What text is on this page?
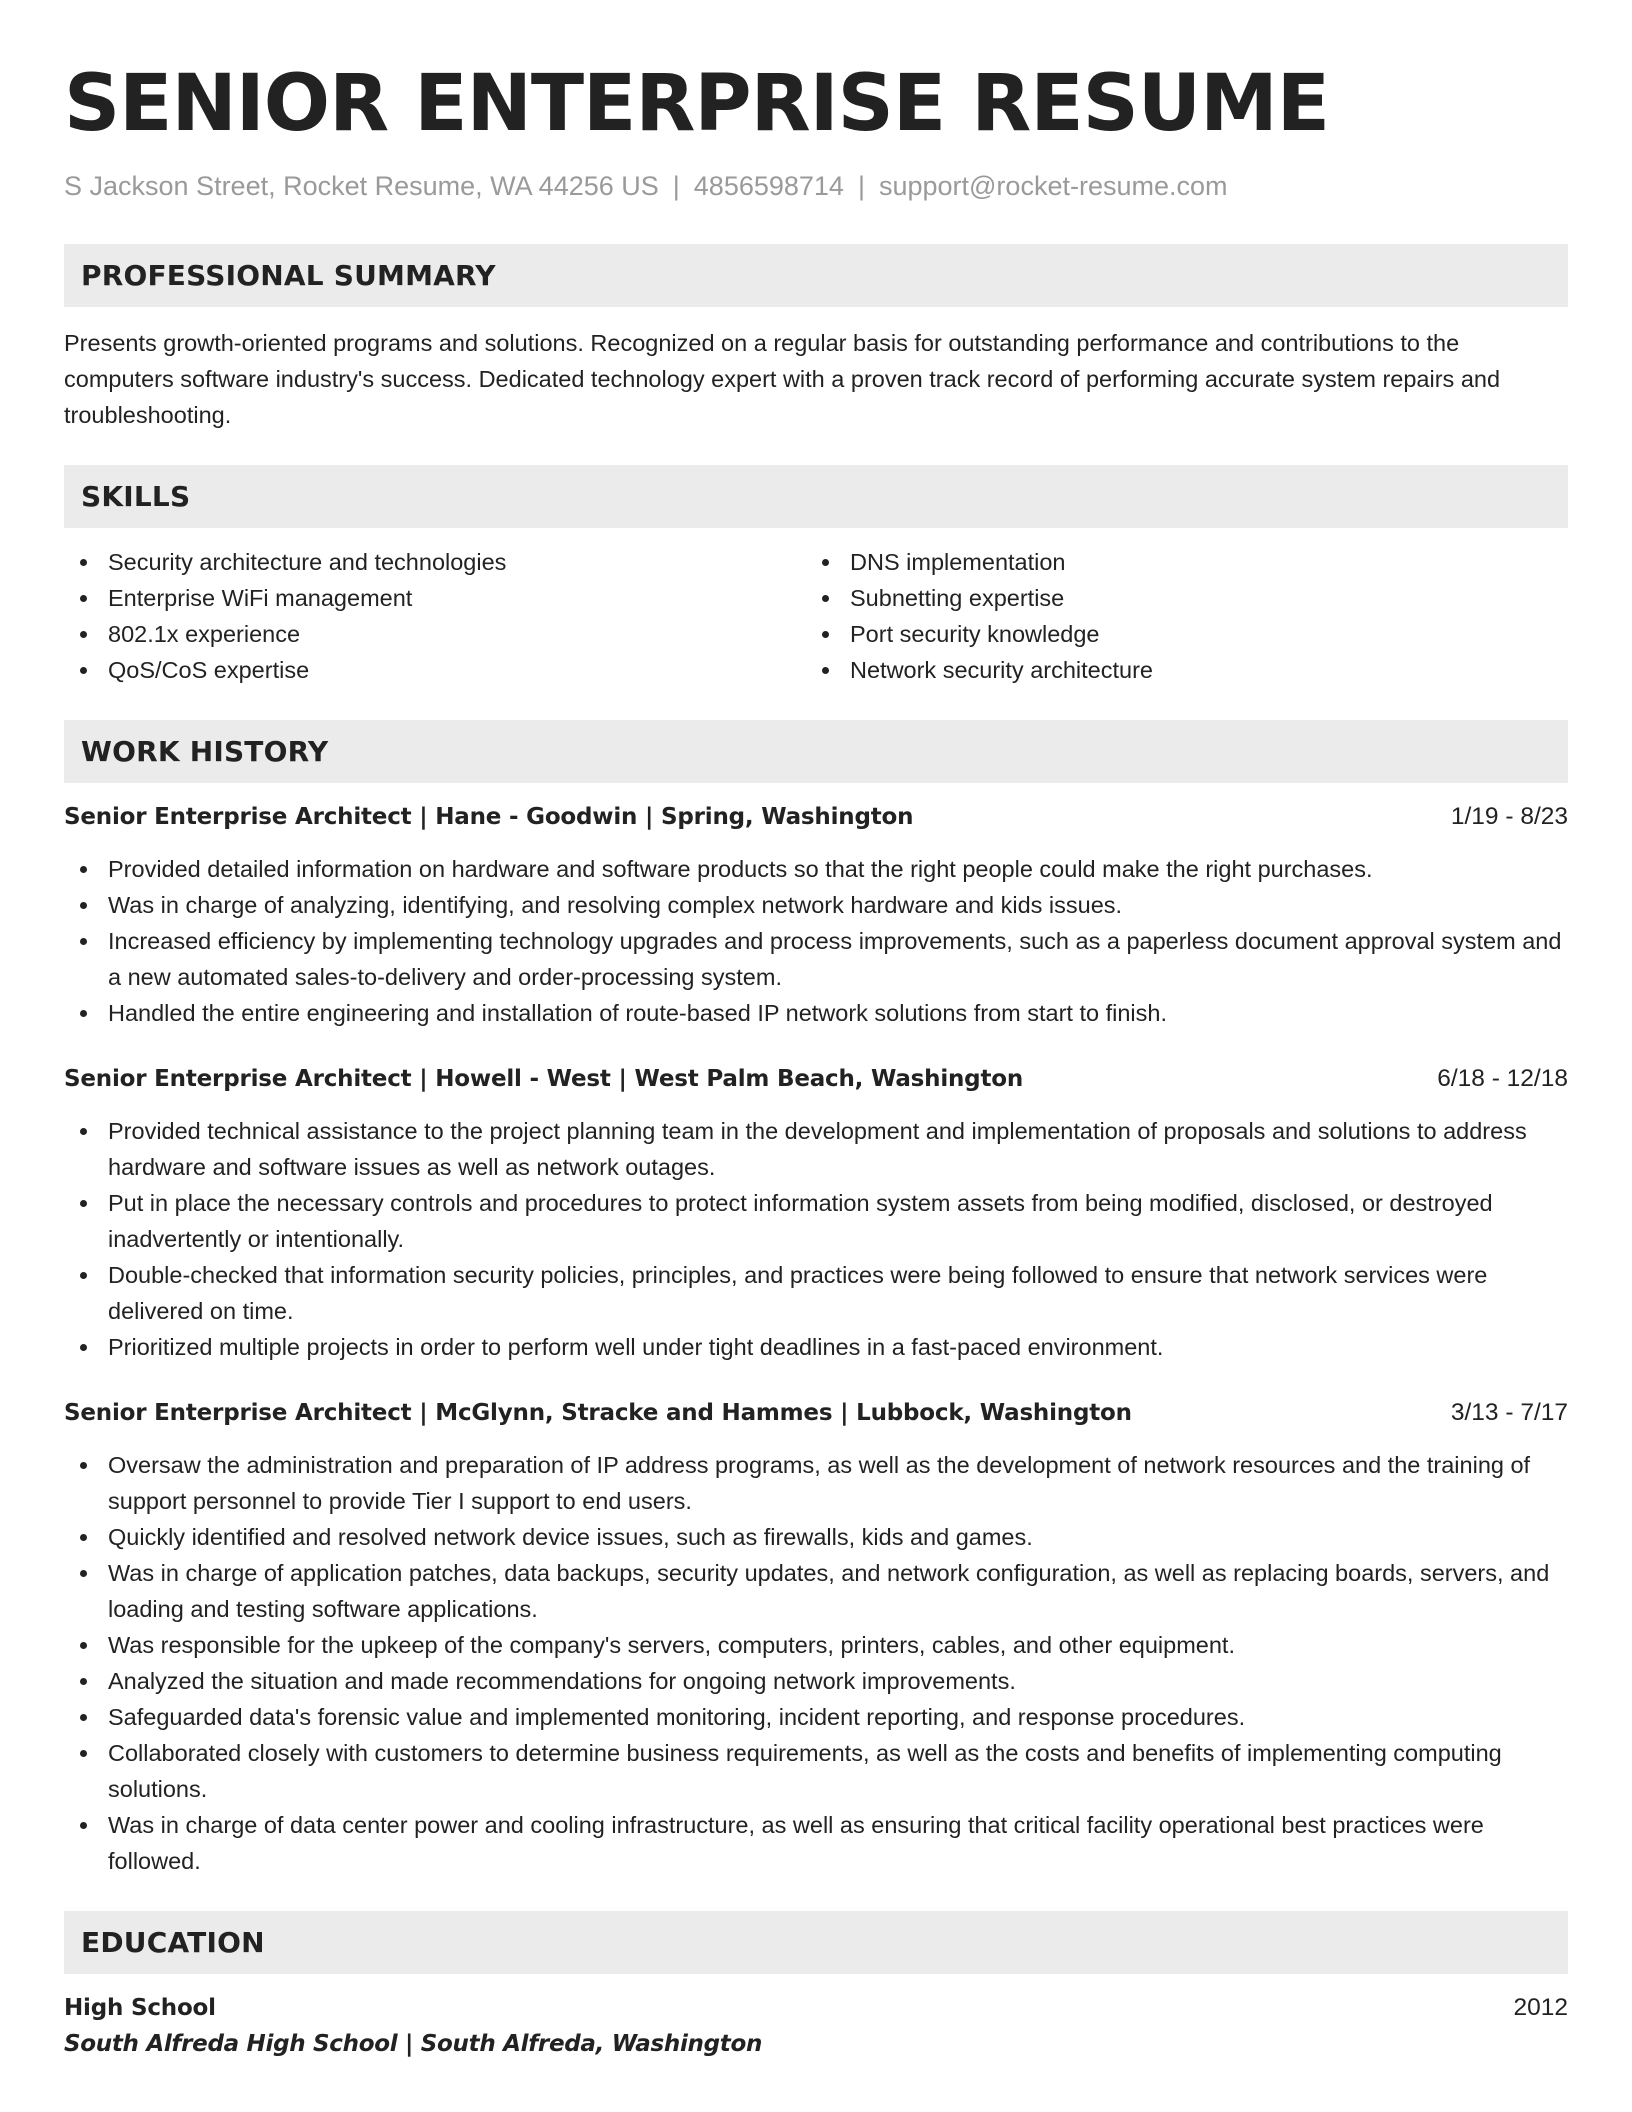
SENIOR ENTERPRISE RESUME
S Jackson Street, Rocket Resume, WA 44256 US | 4856598714 | support@rocket-resume.com
PROFESSIONAL SUMMARY

Presents growth-oriented programs and solutions. Recognized on a regular basis for outstanding performance and contributions to the computers software industry's success. Dedicated technology expert with a proven track record of performing accurate system repairs and troubleshooting.

SKILLS
Security architecture and technologies
Enterprise WiFi management
802.1x experience
QoS/CoS expertise
DNS implementation
Subnetting expertise
Port security knowledge
Network security architecture
WORK HISTORY
Senior Enterprise Architect | Hane - Goodwin | Spring, Washington	1/19 - 8/23
Provided detailed information on hardware and software products so that the right people could make the right purchases.
Was in charge of analyzing, identifying, and resolving complex network hardware and kids issues.
Increased efficiency by implementing technology upgrades and process improvements, such as a paperless document approval system and a new automated sales-to-delivery and order-processing system.
Handled the entire engineering and installation of route-based IP network solutions from start to finish.
Senior Enterprise Architect | Howell - West | West Palm Beach, Washington	6/18 - 12/18
Provided technical assistance to the project planning team in the development and implementation of proposals and solutions to address hardware and software issues as well as network outages.
Put in place the necessary controls and procedures to protect information system assets from being modified, disclosed, or destroyed inadvertently or intentionally.
Double-checked that information security policies, principles, and practices were being followed to ensure that network services were delivered on time.
Prioritized multiple projects in order to perform well under tight deadlines in a fast-paced environment.
Senior Enterprise Architect | McGlynn, Stracke and Hammes | Lubbock, Washington	3/13 - 7/17
Oversaw the administration and preparation of IP address programs, as well as the development of network resources and the training of support personnel to provide Tier I support to end users.
Quickly identified and resolved network device issues, such as firewalls, kids and games.
Was in charge of application patches, data backups, security updates, and network configuration, as well as replacing boards, servers, and loading and testing software applications.
Was responsible for the upkeep of the company's servers, computers, printers, cables, and other equipment.
Analyzed the situation and made recommendations for ongoing network improvements.
Safeguarded data's forensic value and implemented monitoring, incident reporting, and response procedures.
Collaborated closely with customers to determine business requirements, as well as the costs and benefits of implementing computing solutions.
Was in charge of data center power and cooling infrastructure, as well as ensuring that critical facility operational best practices were followed.
EDUCATION
High School	2012
South Alfreda High School | South Alfreda, Washington
